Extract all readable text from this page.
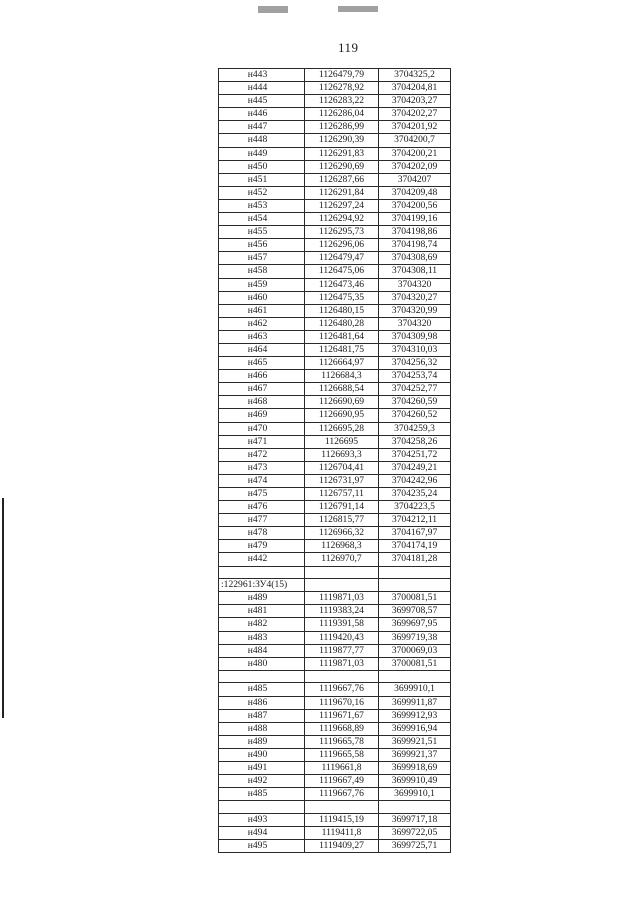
119
н443	1126479,79	3704325,2
н444	1126278,92	3704204,81
н445	1126283,22	3704203,27
н446	1126286,04	3704202,27
н447	1126286,99	3704201,92
н448	1126290,39	3704200,7
н449	1126291,83	3704200,21
н450	1126290,69	3704202,09
н451	1126287,66	3704207
н452	1126291,84	3704209,48
н453	1126297,24	3704200,56
н454	1126294,92	3704199,16
н455	1126295,73	3704198,86
н456	1126296,06	3704198,74
н457	1126479,47	3704308,69
н458	1126475,06	3704308,11
н459	1126473,46	3704320
н460	1126475,35	3704320,27
н461	1126480,15	3704320,99
н462	1126480,28	3704320
н463	1126481,64	3704309,98
н464	1126481,75	3704310,03
н465	1126664,97	3704256,32
н466	1126684,3	3704253,74
н467	1126688,54	3704252,77
н468	1126690,69	3704260,59
н469	1126690,95	3704260,52
н470	1126695,28	3704259,3
н471	1126695	3704258,26
н472	1126693,3	3704251,72
н473	1126704,41	3704249,21
н474	1126731,97	3704242,96
н475	1126757,11	3704235,24
н476	1126791,14	3704223,5
н477	1126815,77	3704212,11
н478	1126966,32	3704167,97
н479	1126968,3	3704174,19
н442	1126970,7	3704181,28

:122961:ЗУ4(15)		
н489	1119871,03	3700081,51
н481	1119383,24	3699708,57
н482	1119391,58	3699697,95
н483	1119420,43	3699719,38
н484	1119877,77	3700069,03
н480	1119871,03	3700081,51

н485	1119667,76	3699910,1
н486	1119670,16	3699911,87
н487	1119671,67	3699912,93
н488	1119668,89	3699916,94
н489	1119665,78	3699921,51
н490	1119665,58	3699921,37
н491	1119661,8	3699918,69
н492	1119667,49	3699910,49
н485	1119667,76	3699910,1

н493	1119415,19	3699717,18
н494	1119411,8	3699722,05
н495	1119409,27	3699725,71
